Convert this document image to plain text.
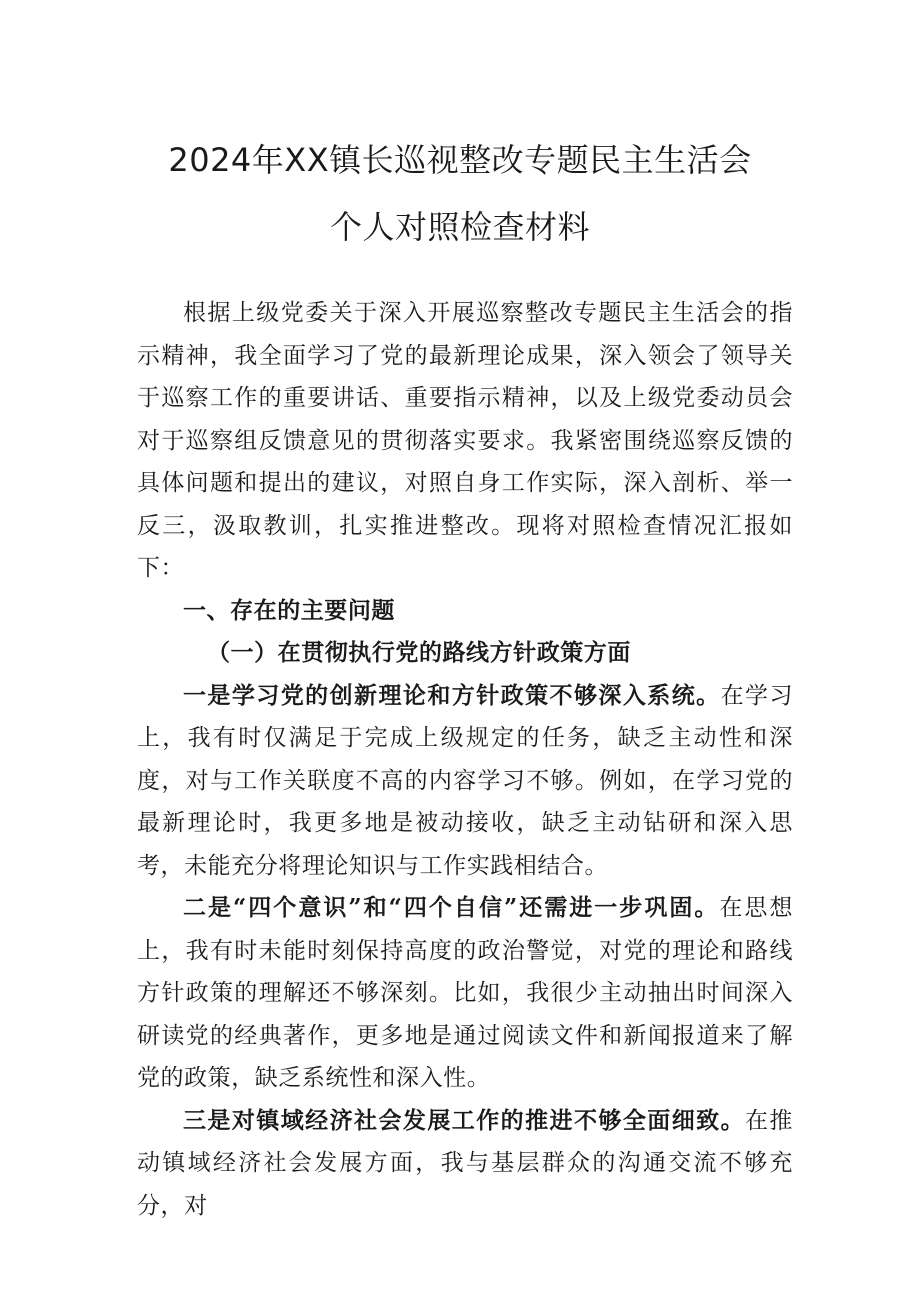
2024年XX镇长巡视整改专题民主生活会
个人对照检查材料

根据上级党委关于深入开展巡察整改专题民主生活会的指示精神，我全面学习了党的最新理论成果，深入领会了领导关于巡察工作的重要讲话、重要指示精神，以及上级党委动员会对于巡察组反馈意见的贯彻落实要求。我紧密围绕巡察反馈的具体问题和提出的建议，对照自身工作实际，深入剖析、举一反三，汲取教训，扎实推进整改。现将对照检查情况汇报如下：

一、存在的主要问题

（一）在贯彻执行党的路线方针政策方面

一是学习党的创新理论和方针政策不够深入系统。在学习上，我有时仅满足于完成上级规定的任务，缺乏主动性和深度，对与工作关联度不高的内容学习不够。例如，在学习党的最新理论时，我更多地是被动接收，缺乏主动钻研和深入思考，未能充分将理论知识与工作实践相结合。

二是“四个意识”和“四个自信”还需进一步巩固。在思想上，我有时未能时刻保持高度的政治警觉，对党的理论和路线方针政策的理解还不够深刻。比如，我很少主动抽出时间深入研读党的经典著作，更多地是通过阅读文件和新闻报道来了解党的政策，缺乏系统性和深入性。

三是对镇域经济社会发展工作的推进不够全面细致。在推动镇域经济社会发展方面，我与基层群众的沟通交流不够充分，对
